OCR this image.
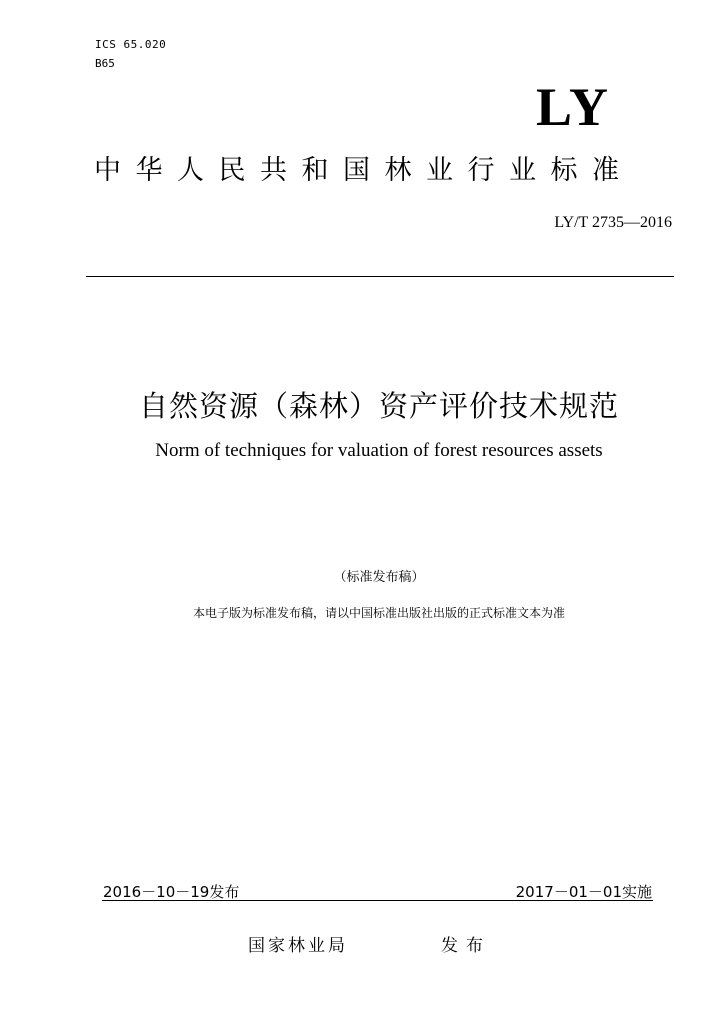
ICS 65.020
B65
LY
中华人民共和国林业行业标准
LY/T 2735—2016
自然资源（森林）资产评价技术规范
Norm of techniques for valuation of forest resources assets
（标准发布稿）
本电子版为标准发布稿，请以中国标准出版社出版的正式标准文本为准
2016－10－19发布	2017－01－01实施
国家林业局	发布
